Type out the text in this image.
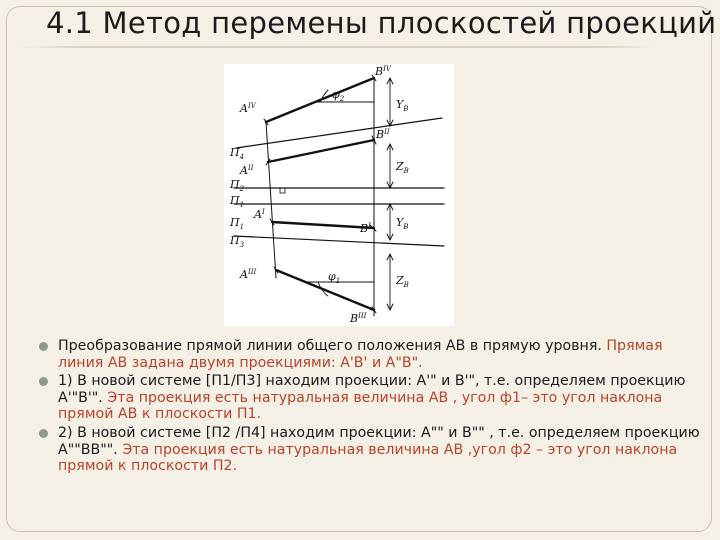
4.1 Метод перемены плоскостей проекций
$B^{IV}$
$A^{IV}$
$\varphi_2$	$Y_B$
$B^{II}$
$П_4$
$A^{II}$	$Z_B$
$П_2$
$П_1$
$A^I$
$П_1$	$B^I$ $Y_B$
$П_3$
$A^{III}$	$\varphi_1$	$Z_B$
$B^{III}$
Преобразование прямой линии общего положения АВ в прямую уровня. Прямая линия АВ задана двумя проекциями: А'В' и А"В".
1) В новой системе [П1/П3] находим проекции: А'" и В'", т.е. определяем проекцию А'"В'". Эта проекция есть натуральная величина АВ , угол ф1– это угол наклона прямой АВ к плоскости П1.
2) В новой системе [П2 /П4] находим проекции: А"" и В"" , т.е. определяем проекцию А""ВВ"". Эта проекция есть натуральная величина АВ ,угол ф2 – это угол наклона прямой к плоскости П2.
